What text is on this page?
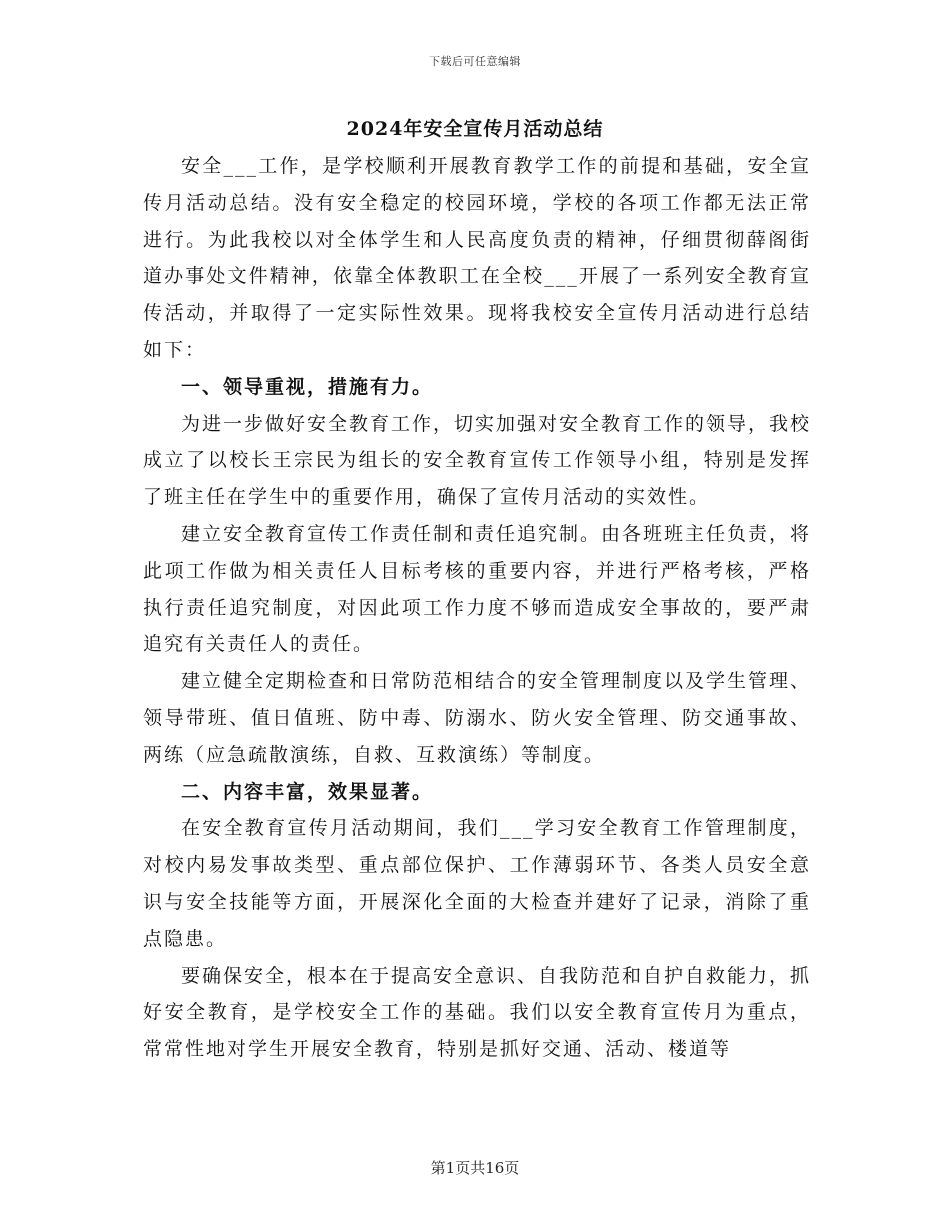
下载后可任意编辑
2024年安全宣传月活动总结

安全___工作，是学校顺利开展教育教学工作的前提和基础，安全宣传月活动总结。没有安全稳定的校园环境，学校的各项工作都无法正常进行。为此我校以对全体学生和人民高度负责的精神，仔细贯彻薛阁街道办事处文件精神，依靠全体教职工在全校___开展了一系列安全教育宣传活动，并取得了一定实际性效果。现将我校安全宣传月活动进行总结如下：

一、领导重视，措施有力。

为进一步做好安全教育工作，切实加强对安全教育工作的领导，我校成立了以校长王宗民为组长的安全教育宣传工作领导小组，特别是发挥了班主任在学生中的重要作用，确保了宣传月活动的实效性。

建立安全教育宣传工作责任制和责任追究制。由各班班主任负责，将此项工作做为相关责任人目标考核的重要内容，并进行严格考核，严格执行责任追究制度，对因此项工作力度不够而造成安全事故的，要严肃追究有关责任人的责任。

建立健全定期检查和日常防范相结合的安全管理制度以及学生管理、领导带班、值日值班、防中毒、防溺水、防火安全管理、防交通事故、两练（应急疏散演练，自救、互救演练）等制度。

二、内容丰富，效果显著。

在安全教育宣传月活动期间，我们___学习安全教育工作管理制度，对校内易发事故类型、重点部位保护、工作薄弱环节、各类人员安全意识与安全技能等方面，开展深化全面的大检查并建好了记录，消除了重点隐患。

要确保安全，根本在于提高安全意识、自我防范和自护自救能力，抓好安全教育，是学校安全工作的基础。我们以安全教育宣传月为重点，常常性地对学生开展安全教育，特别是抓好交通、活动、楼道等

第1页共16页
